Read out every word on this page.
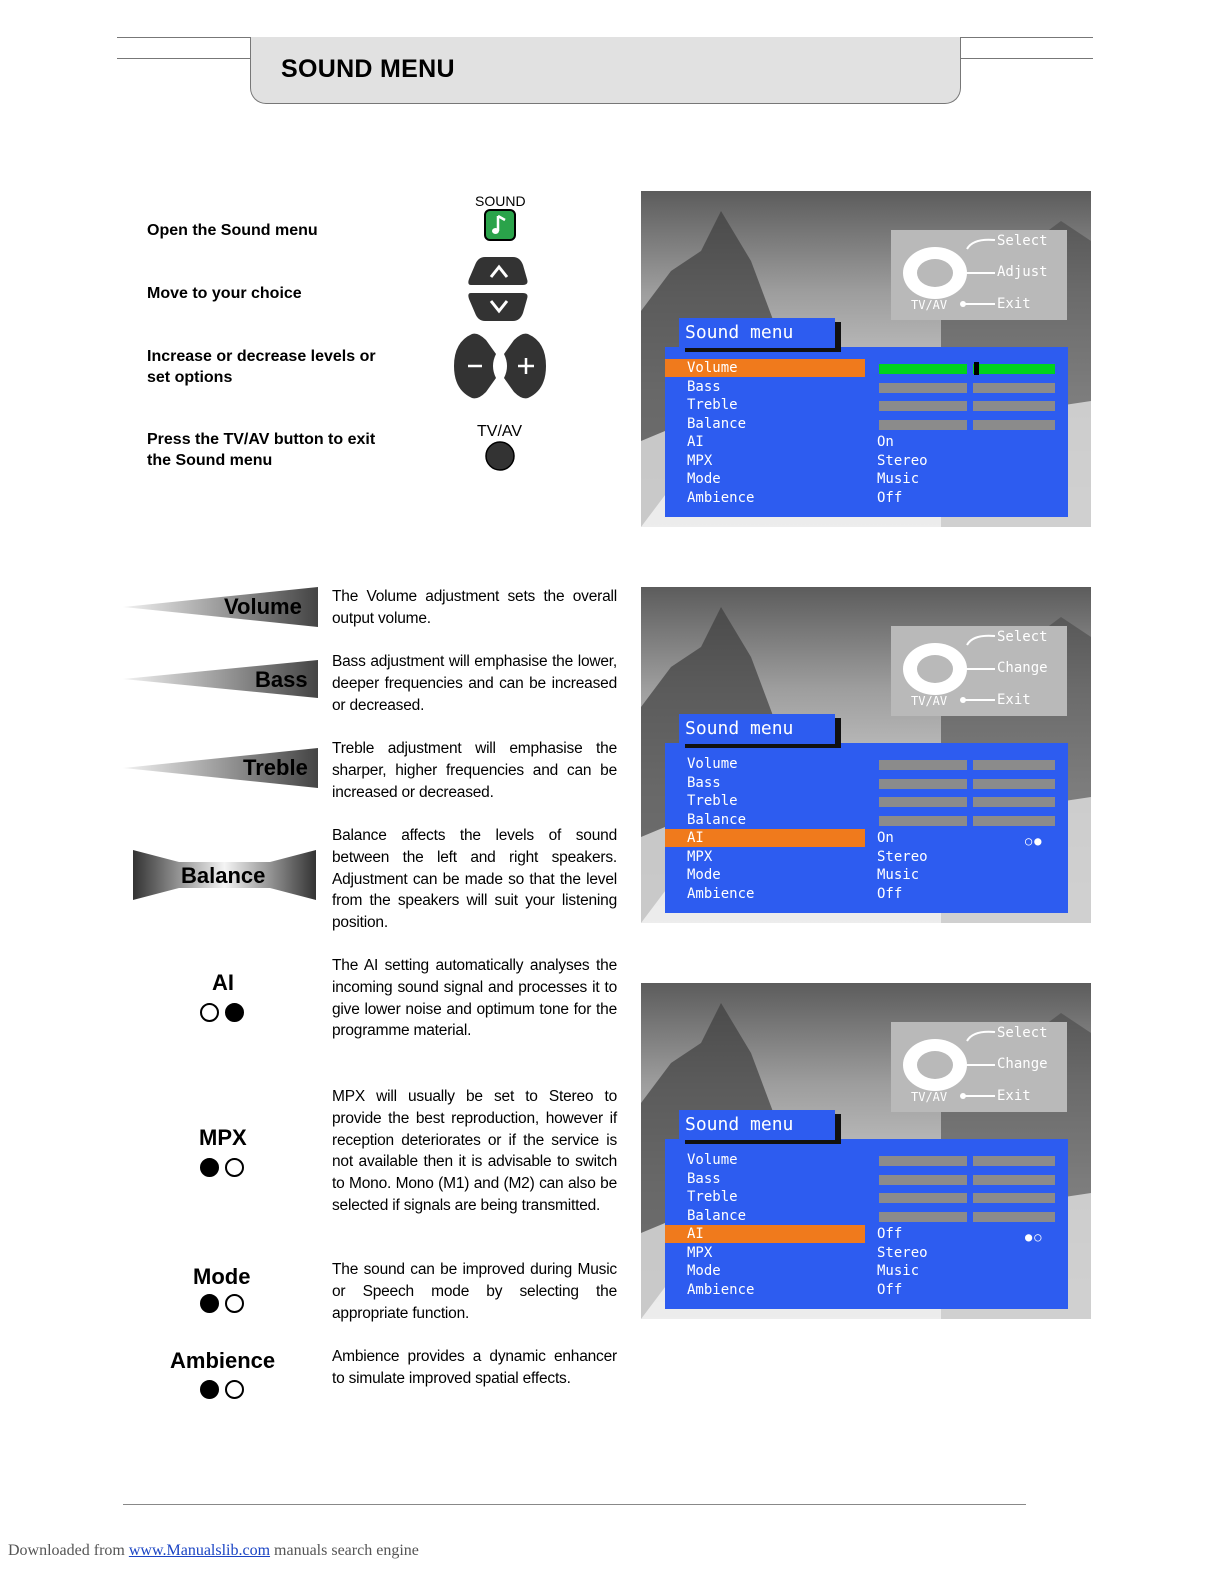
SOUND MENU
Open the Sound menu
Move to your choice
Increase or decrease levels or set options
Press the TV/AV button to exit the Sound menu
SOUND
TV/AV
Select
Adjust
Exit
TV/AV
Sound menu
Volume
Bass
Treble
Balance
AI	On
MPX	Stereo
Mode	Music
Ambience	Off
Select
Change
Exit
TV/AV
Sound menu
Volume
Bass
Treble
Balance
AI	On	○●
MPX	Stereo
Mode	Music
Ambience	Off
Select
Change
Exit
TV/AV
Sound menu
Volume
Bass
Treble
Balance
AI	Off	●○
MPX	Stereo
Mode	Music
Ambience	Off
Volume
Bass
Treble
Balance
AI
MPX
Mode
Ambience
The Volume adjustment sets the overall output volume.
Bass adjustment will emphasise the lower, deeper frequencies and can be increased or decreased.
Treble adjustment will emphasise the sharper, higher frequencies and can be increased or decreased.
Balance affects the levels of sound between the left and right speakers. Adjustment can be made so that the level from the speakers will suit your listening position.
The AI setting automatically analyses the incoming sound signal and processes it to give lower noise and optimum tone for the programme material.
MPX will usually be set to Stereo to provide the best reproduction, however if reception deteriorates or if the service is not available then it is advisable to switch to Mono. Mono (M1) and (M2) can also be selected if signals are being transmitted.
The sound can be improved during Music or Speech mode by selecting the appropriate function.
Ambience provides a dynamic enhancer to simulate improved spatial effects.
Downloaded from www.Manualslib.com manuals search engine
